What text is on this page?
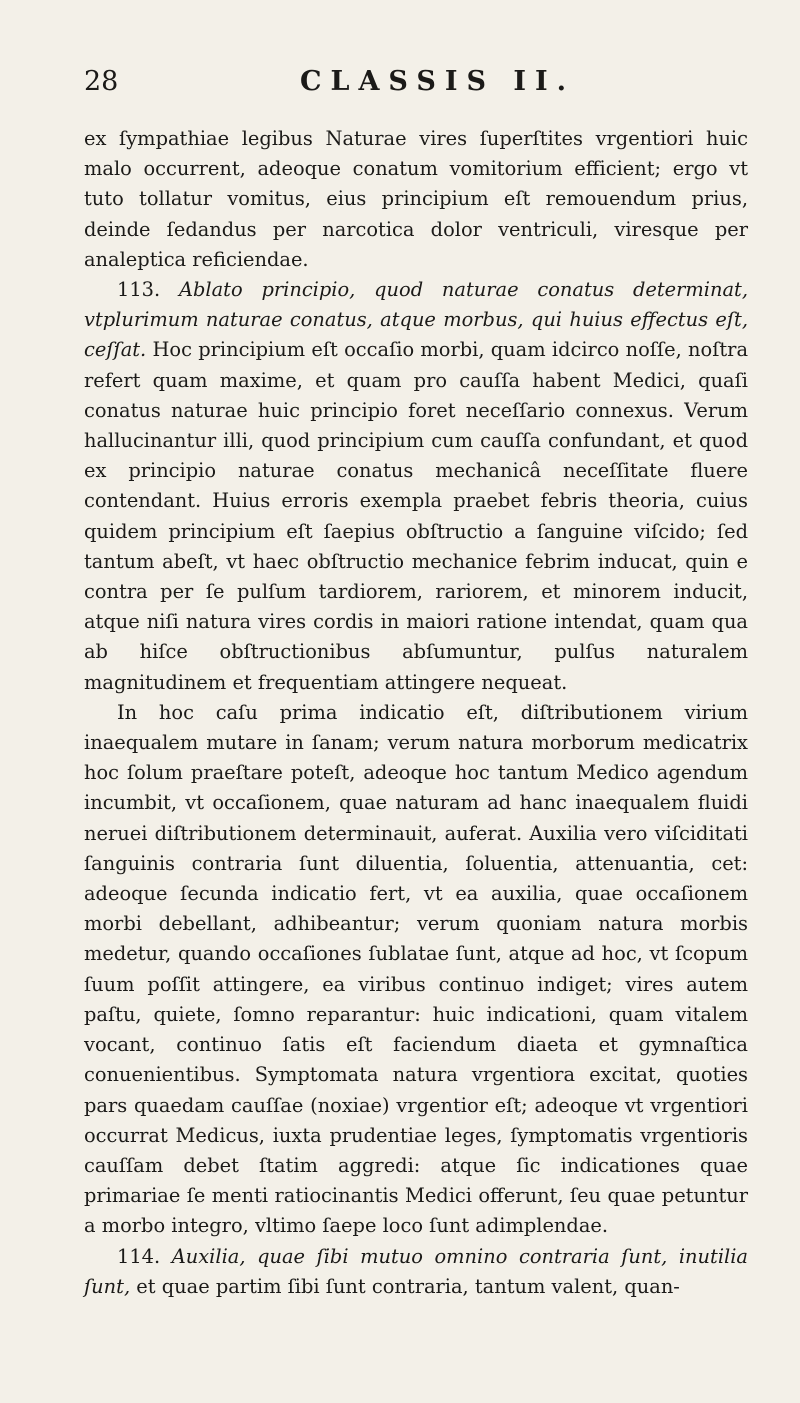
28	CLASSIS II.

ex ſympathiae legibus Naturae vires ſuperſtites vrgentiori huic malo occurrent, adeoque conatum vomitorium efficient; ergo vt tuto tollatur vomitus, eius principium eſt remouendum prius, deinde ſedandus per narcotica dolor ventriculi, viresque per analeptica reficiendae.

113. Ablato principio, quod naturae conatus determinat, vtplurimum naturae conatus, atque morbus, qui huius effectus eſt, ceſſat. Hoc principium eſt occaſio morbi, quam idcirco noſſe, noſtra refert quam maxime, et quam pro cauſſa habent Medici, quaſi conatus naturae huic principio foret neceſſario connexus. Verum hallucinantur illi, quod principium cum cauſſa confundant, et quod ex principio naturae conatus mechanicâ neceſſitate fluere contendant. Huius erroris exempla praebet febris theoria, cuius quidem principium eſt ſaepius obſtructio a ſanguine viſcido; ſed tantum abeſt, vt haec obſtructio mechanice febrim inducat, quin e contra per ſe pulſum tardiorem, rariorem, et minorem inducit, atque niſi natura vires cordis in maiori ratione intendat, quam qua ab hiſce obſtructionibus abſumuntur, pulſus naturalem magnitudinem et frequentiam attingere nequeat.

In hoc caſu prima indicatio eſt, diſtributionem virium inaequalem mutare in ſanam; verum natura morborum medicatrix hoc ſolum praeſtare poteſt, adeoque hoc tantum Medico agendum incumbit, vt occaſionem, quae naturam ad hanc inaequalem fluidi neruei diſtributionem determinauit, auferat. Auxilia vero viſciditati ſanguinis contraria ſunt diluentia, ſoluentia, attenuantia, cet: adeoque ſecunda indicatio fert, vt ea auxilia, quae occaſionem morbi debellant, adhibeantur; verum quoniam natura morbis medetur, quando occaſiones ſublatae ſunt, atque ad hoc, vt ſcopum ſuum poſſit attingere, ea viribus continuo indiget; vires autem paſtu, quiete, ſomno reparantur: huic indicationi, quam vitalem vocant, continuo ſatis eſt faciendum diaeta et gymnaſtica conuenientibus. Symptomata natura vrgentiora excitat, quoties pars quaedam cauſſae (noxiae) vrgentior eſt; adeoque vt vrgentiori occurrat Medicus, iuxta prudentiae leges, ſymptomatis vrgentioris cauſſam debet ſtatim aggredi: atque ſic indicationes quae primariae ſe menti ratiocinantis Medici offerunt, ſeu quae petuntur a morbo integro, vltimo ſaepe loco ſunt adimplendae.

114. Auxilia, quae ſibi mutuo omnino contraria ſunt, inutilia ſunt, et quae partim ſibi ſunt contraria, tantum valent, quan-
